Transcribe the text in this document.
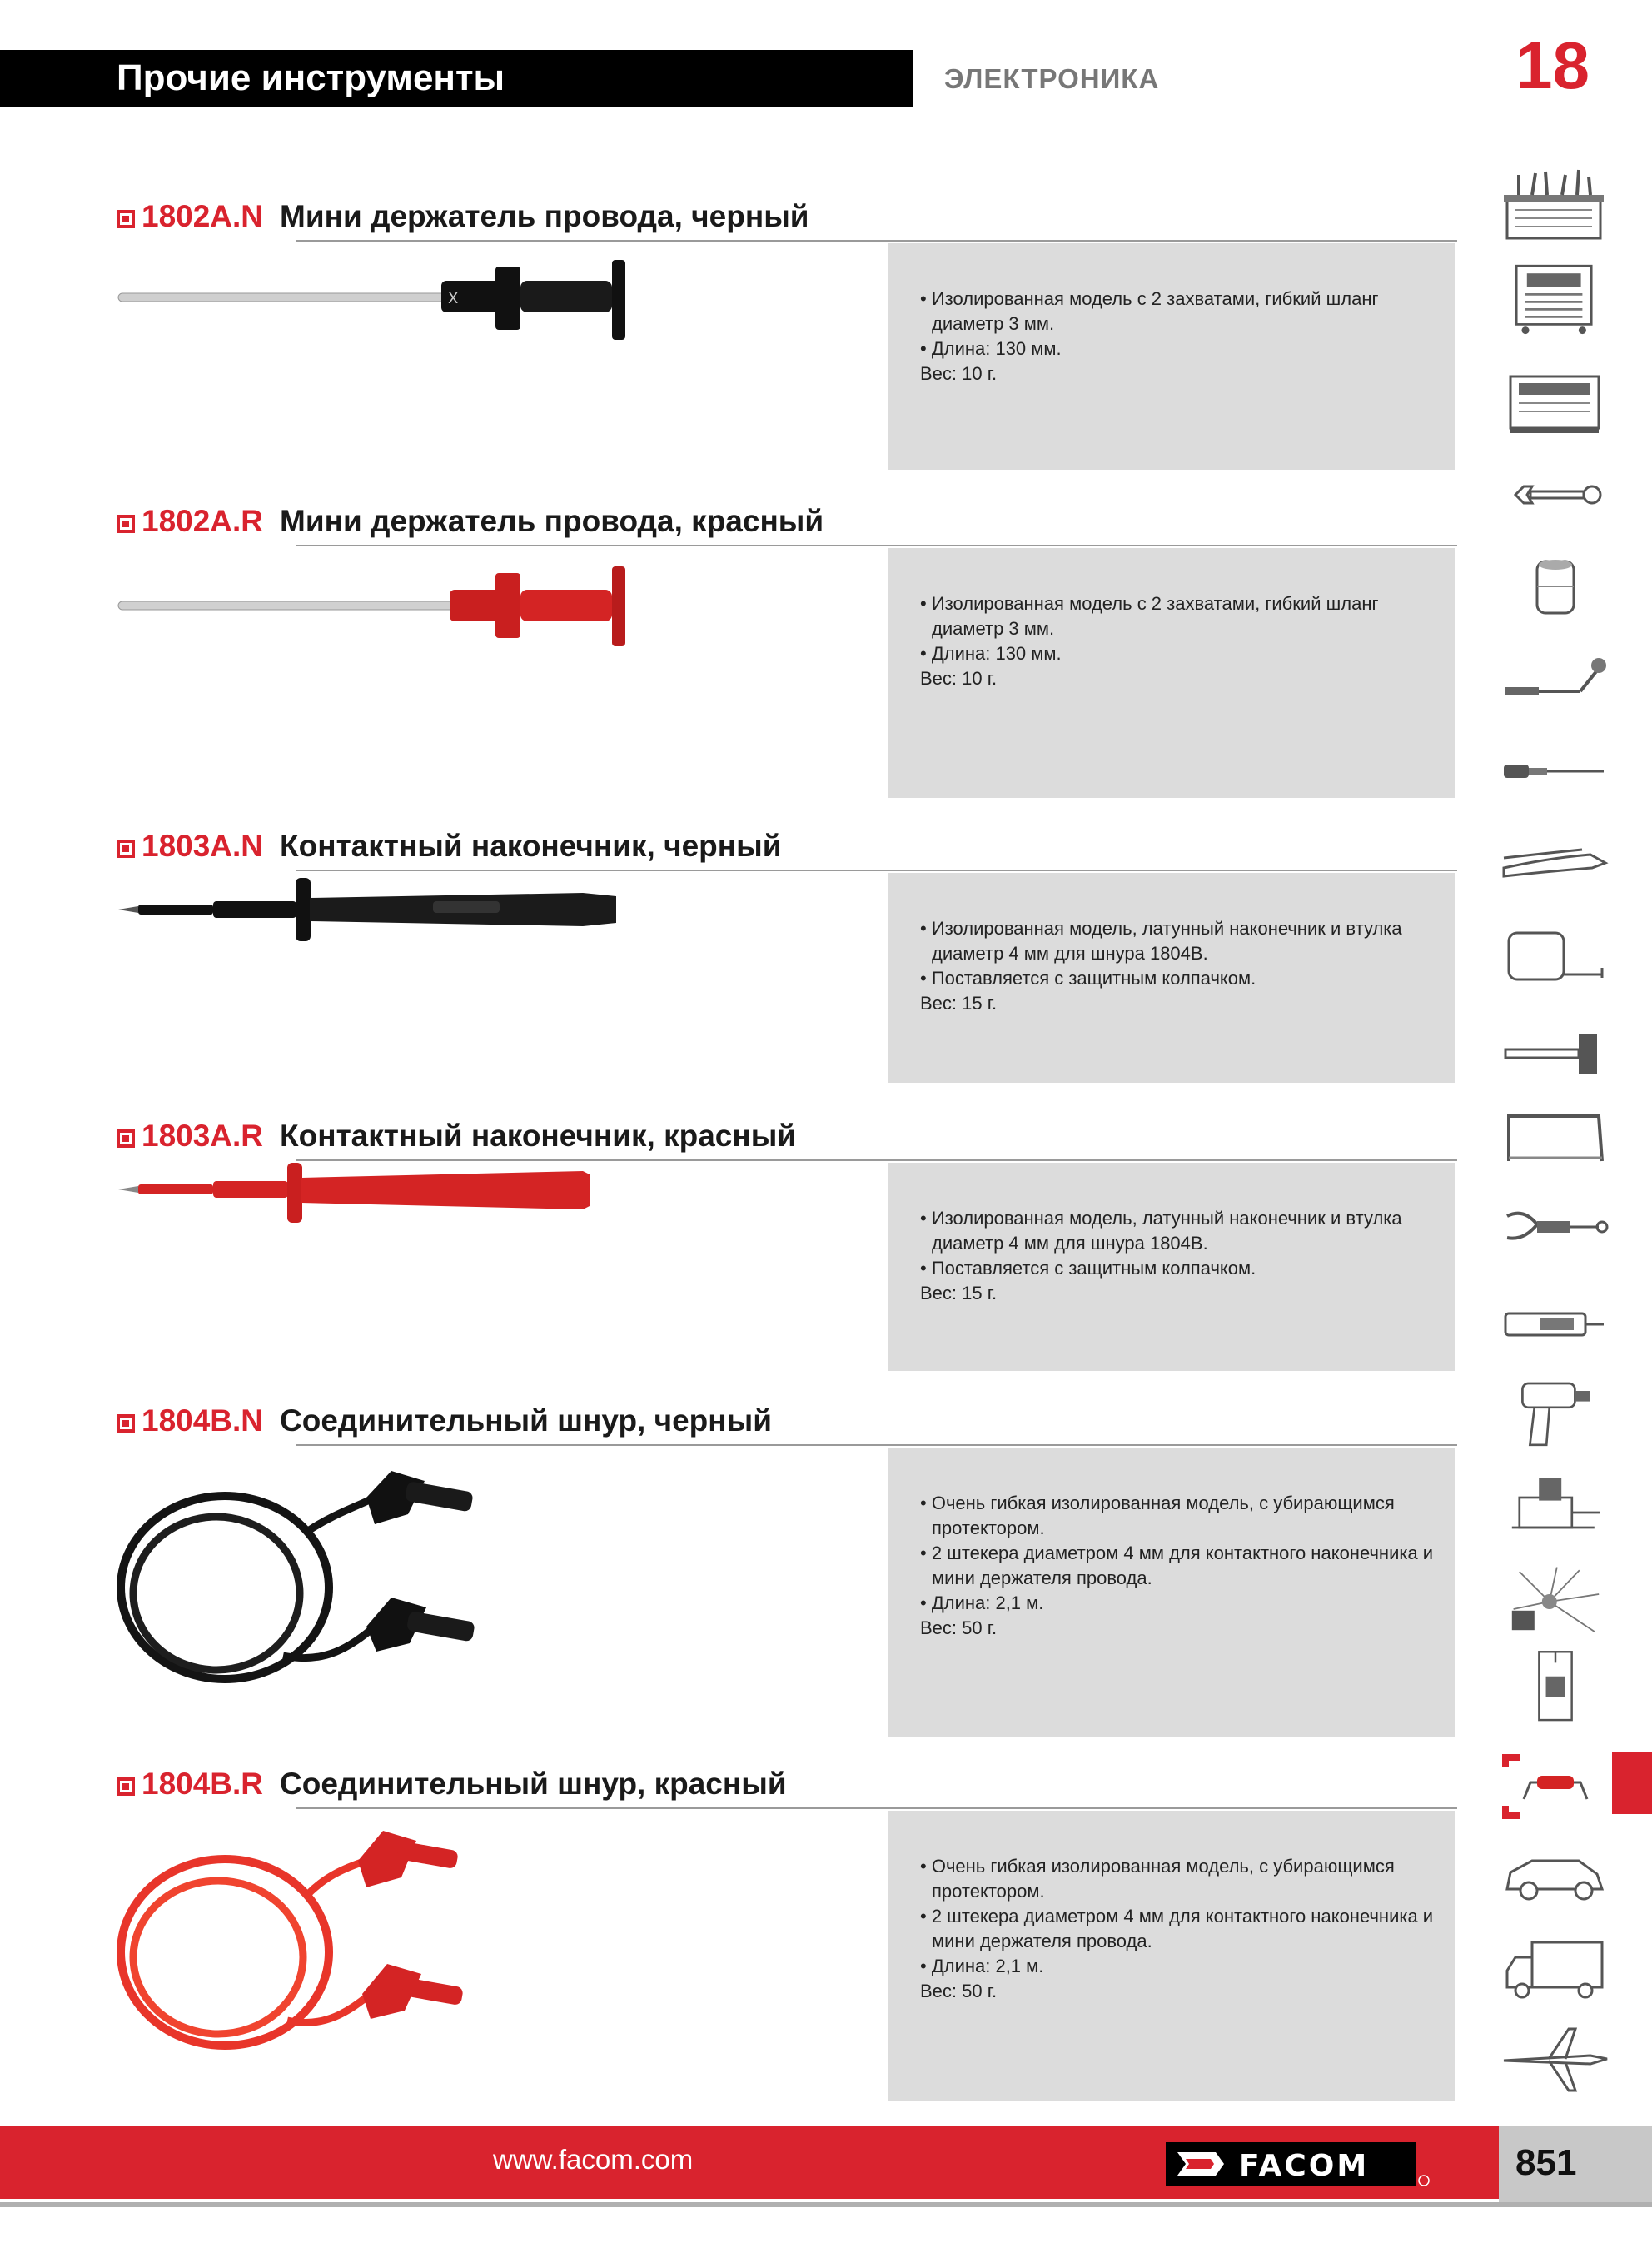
Прочие инструменты	ЭЛЕКТРОНИКА	18
1802A.N Мини держатель провода, черный
X
•	Изолированная модель с 2 захватами, гибкий шланг диаметр 3 мм.
• Длина: 130 мм.
Вес: 10 г.
1802A.R Мини держатель провода, красный
• Изолированная модель с 2 захватами, гибкий шланг диаметр 3 мм.
• Длина: 130 мм.
Вес: 10 г.
1803A.N Контактный наконечник, черный
• Изолированная модель, латунный наконечник и втулка диаметр 4 мм для шнура 1804B.
• Поставляется с защитным колпачком.
Вес: 15 г.
1803A.R Контактный наконечник, красный
• Изолированная модель, латунный наконечник и втулка диаметр 4 мм для шнура 1804B.
• Поставляется с защитным колпачком.
Вес: 15 г.
1804B.N Соединительный шнур, черный
• Очень гибкая изолированная модель, с убирающимся протектором.
• 2 штекера диаметром 4 мм для контактного наконечника и мини держателя провода.
• Длина: 2,1 м.
Вес: 50 г.
1804B.R Соединительный шнур, красный
• Очень гибкая изолированная модель, с убирающимся протектором.
• 2 штекера диаметром 4 мм для контактного наконечника и мини держателя провода.
• Длина: 2,1 м.
Вес: 50 г.
www.facom.com	FACOM	851
